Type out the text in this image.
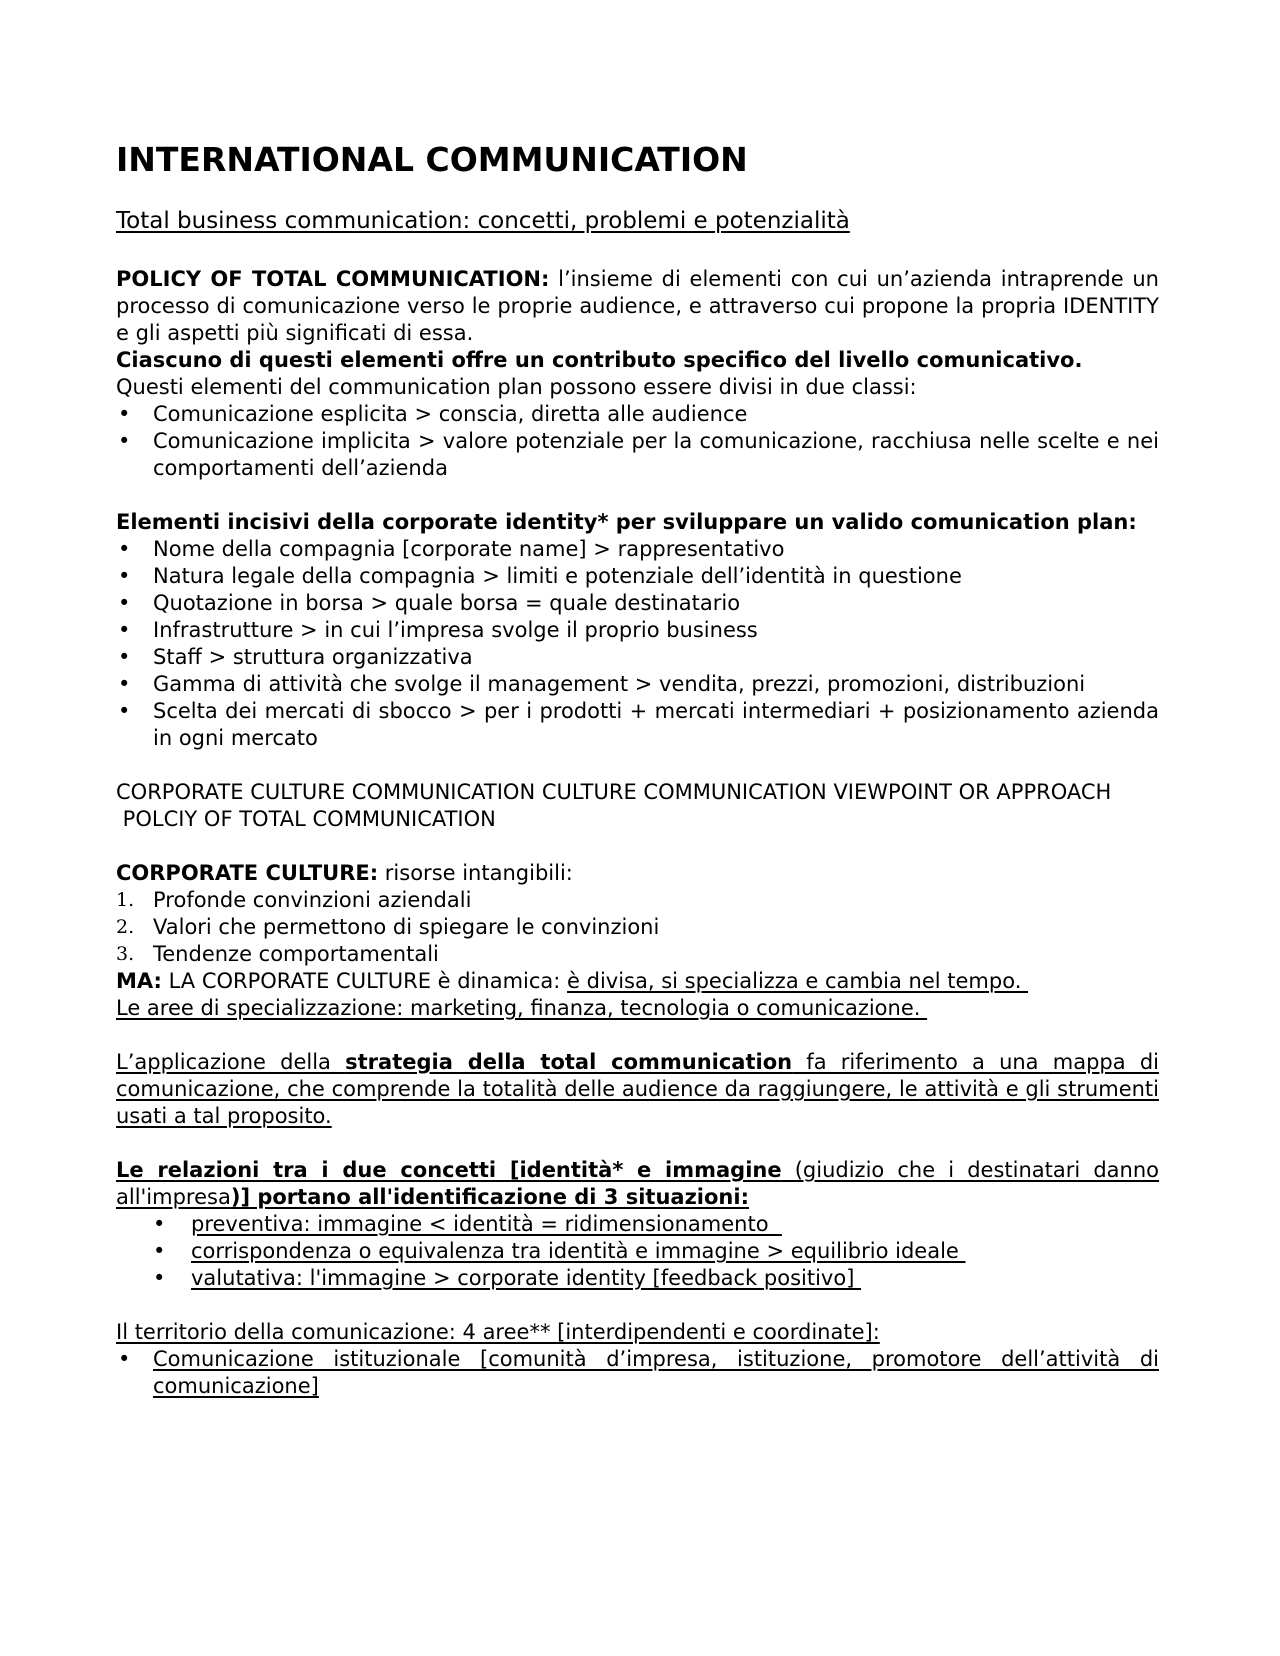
INTERNATIONAL COMMUNICATION
Total business communication: concetti, problemi e potenzialità

POLICY OF TOTAL COMMUNICATION: l’insieme di elementi con cui un’azienda intraprende un processo di comunicazione verso le proprie audience, e attraverso cui propone la propria IDENTITY e gli aspetti più significati di essa.

Ciascuno di questi elementi offre un contributo specifico del livello comunicativo.

Questi elementi del communication plan possono essere divisi in due classi:

• Comunicazione esplicita > conscia, diretta alle audience
• Comunicazione implicita > valore potenziale per la comunicazione, racchiusa nelle scelte e nei comportamenti dell’azienda

Elementi incisivi della corporate identity* per sviluppare un valido comunication plan:

• Nome della compagnia [corporate name] > rappresentativo
• Natura legale della compagnia > limiti e potenziale dell’identità in questione
• Quotazione in borsa > quale borsa = quale destinatario
• Infrastrutture > in cui l’impresa svolge il proprio business
• Staff > struttura organizzativa
• Gamma di attività che svolge il management > vendita, prezzi, promozioni, distribuzioni
• Scelta dei mercati di sbocco > per i prodotti + mercati intermediari + posizionamento azienda in ogni mercato

CORPORATE CULTURE COMMUNICATION CULTURE COMMUNICATION VIEWPOINT OR APPROACH

POLCIY OF TOTAL COMMUNICATION

CORPORATE CULTURE: risorse intangibili:

1. Profonde convinzioni aziendali
2. Valori che permettono di spiegare le convinzioni
3. Tendenze comportamentali

MA: LA CORPORATE CULTURE è dinamica: è divisa, si specializza e cambia nel tempo.

Le aree di specializzazione: marketing, finanza, tecnologia o comunicazione.

L’applicazione della strategia della total communication fa riferimento a una mappa di comunicazione, che comprende la totalità delle audience da raggiungere, le attività e gli strumenti usati a tal proposito.

Le relazioni tra i due concetti [identità* e immagine (giudizio che i destinatari danno all'impresa)] portano all'identificazione di 3 situazioni:

• preventiva: immagine < identità = ridimensionamento
• corrispondenza o equivalenza tra identità e immagine > equilibrio ideale
• valutativa: l'immagine > corporate identity [feedback positivo]

Il territorio della comunicazione: 4 aree** [interdipendenti e coordinate]:

• Comunicazione istituzionale [comunità d’impresa, istituzione, promotore dell’attività di comunicazione]
